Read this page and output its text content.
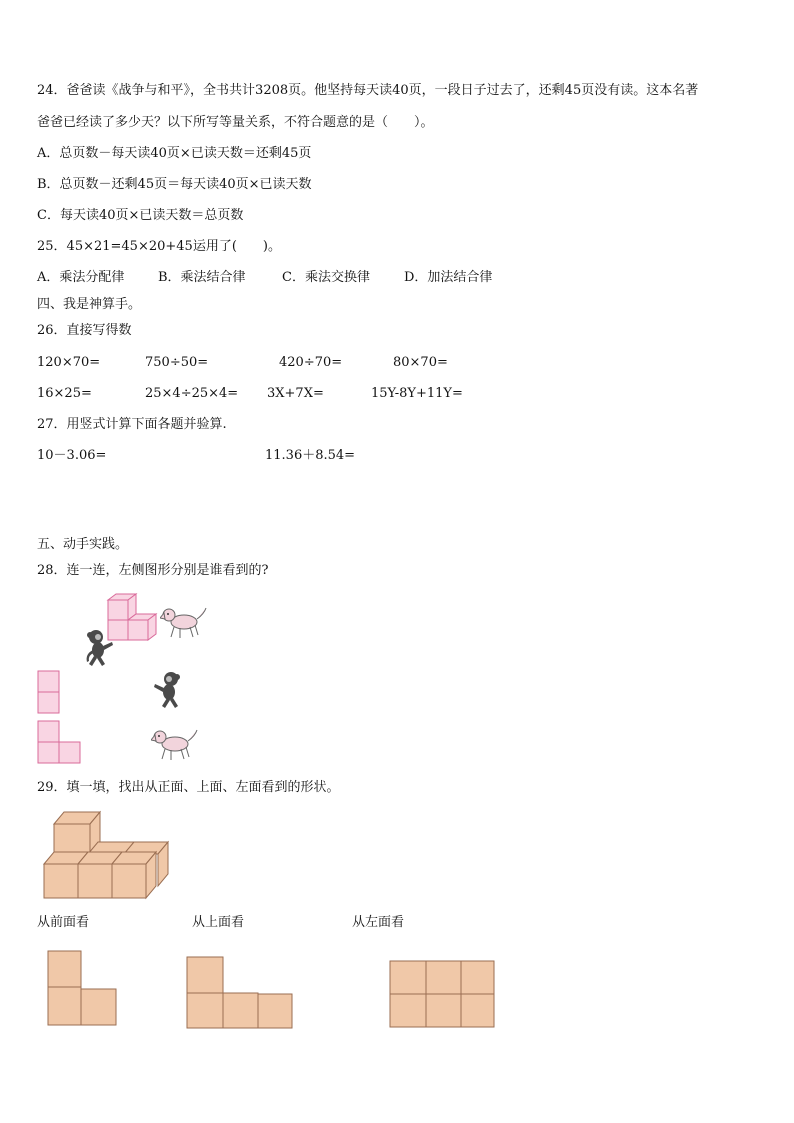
24．爸爸读《战争与和平》，全书共计3208页。他坚持每天读40页，一段日子过去了，还剩45页没有读。这本名著
爸爸已经读了多少天？以下所写等量关系，不符合题意的是（　　）。
A．总页数－每天读40页×已读天数＝还剩45页
B．总页数－还剩45页＝每天读40页×已读天数
C．每天读40页×已读天数＝总页数
25．45×21=45×20+45运用了(　　)。
A．乘法分配律	B．乘法结合律	C．乘法交换律	D．加法结合律
四、我是神算手。
26．直接写得数
120×70=	750÷50=	420÷70=	80×70=
16×25=	25×4÷25×4= 3X+7X=	15Y-8Y+11Y=
27．用竖式计算下面各题并验算.
10－3.06=	11.36＋8.54=
五、动手实践。
28．连一连，左侧图形分别是谁看到的?
29．填一填，找出从正面、上面、左面看到的形状。
从前面看	从上面看	从左面看
